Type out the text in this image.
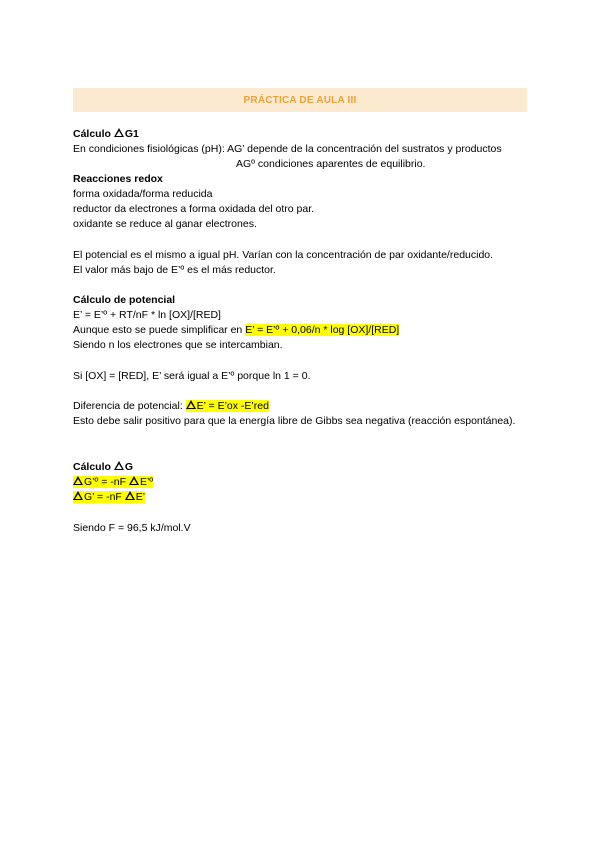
PRÁCTICA DE AULA III
Cálculo G1
En condiciones fisiológicas (pH): AG’ depende de la concentración del sustratos y productos
AGº condiciones aparentes de equilibrio.
Reacciones redox
forma oxidada/forma reducida
reductor da electrones a forma oxidada del otro par.
oxidante se reduce al ganar electrones.
El potencial es el mismo a igual pH. Varían con la concentración de par oxidante/reducido.
El valor más bajo de E’º es el más reductor.
Cálculo de potencial
E’ = E’º + RT/nF * ln [OX]/[RED]
Aunque esto se puede simplificar en E’ = E’º + 0,06/n * log [OX]/[RED]
Siendo n los electrones que se intercambian.
Si [OX] = [RED], E’ será igual a E’º porque ln 1 = 0.
Diferencia de potencial: E’ = E’ox -E’red
Esto debe salir positivo para que la energía libre de Gibbs sea negativa (reacción espontánea).
Cálculo G
G’º = -nF E’º
G’ = -nF E’
Siendo F = 96,5 kJ/mol.V
